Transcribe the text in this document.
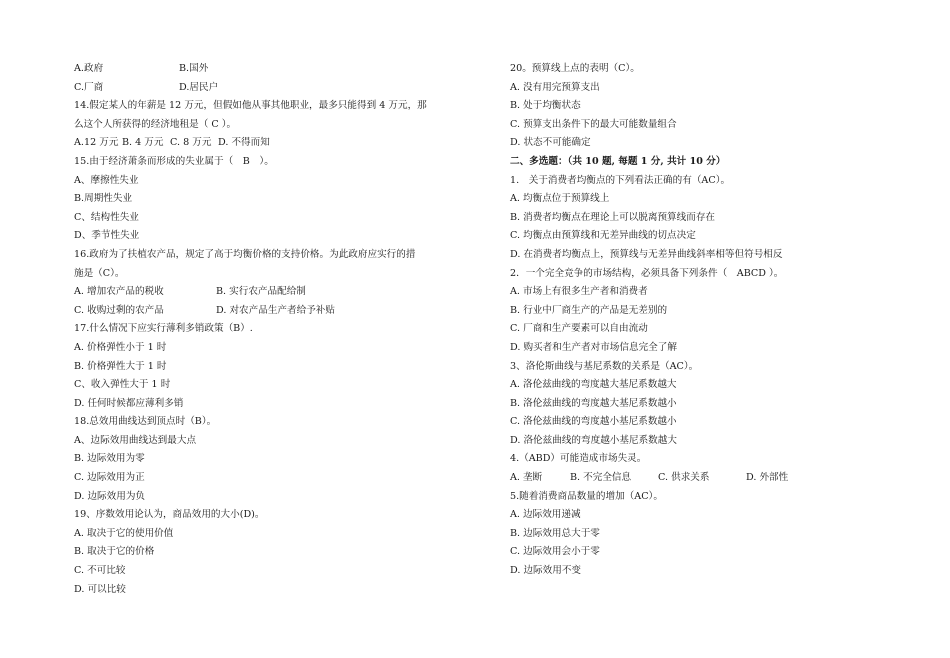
A.政府	B.国外
C.厂商	D.居民户
14.假定某人的年薪是 12 万元，但假如他从事其他职业，最多只能得到 4 万元，那
么这个人所获得的经济地租是（ C ）。
A.12 万元 B. 4 万元 C. 8 万元 D. 不得而知
15.由于经济萧条而形成的失业属于（　B　）。
A、摩擦性失业
B.周期性失业
C、结构性失业
D、季节性失业
16.政府为了扶植农产品，规定了高于均衡价格的支持价格。为此政府应实行的措
施是（C）。
A. 增加农产品的税收	B. 实行农产品配给制
C. 收购过剩的农产品	D. 对农产品生产者给予补贴
17.什么情况下应实行薄利多销政策（B）.
A. 价格弹性小于 1 时
B. 价格弹性大于 1 时
C、收入弹性大于 1 时
D. 任何时候都应薄利多销
18.总效用曲线达到顶点时（B）。
A、边际效用曲线达到最大点
B. 边际效用为零
C. 边际效用为正
D. 边际效用为负
19、序数效用论认为，商品效用的大小(D)。
A. 取决于它的使用价值
B. 取决于它的价格
C. 不可比较
D. 可以比较
20。预算线上点的表明（C）。
A. 没有用完预算支出
B. 处于均衡状态
C. 预算支出条件下的最大可能数量组合
D. 状态不可能确定
二、多选题：（共 10 题, 每题 1 分, 共计 10 分）
1.　关于消费者均衡点的下列看法正确的有（AC）。
A. 均衡点位于预算线上
B. 消费者均衡点在理论上可以脱离预算线而存在
C. 均衡点由预算线和无差异曲线的切点决定
D. 在消费者均衡点上，预算线与无差异曲线斜率相等但符号相反
2．一个完全竞争的市场结构，必须具备下列条件（　ABCD ）。
A. 市场上有很多生产者和消费者
B. 行业中厂商生产的产品是无差别的
C. 厂商和生产要素可以自由流动
D. 购买者和生产者对市场信息完全了解
3、洛伦斯曲线与基尼系数的关系是（AC）。
A. 洛伦兹曲线的弯度越大基尼系数越大
B. 洛伦兹曲线的弯度越大基尼系数越小
C. 洛伦兹曲线的弯度越小基尼系数越小
D. 洛伦兹曲线的弯度越小基尼系数越大
4.（ABD）可能造成市场失灵。
A. 垄断	B. 不完全信息	C. 供求关系	D. 外部性
5.随着消费商品数量的增加（AC）。
A. 边际效用递减
B. 边际效用总大于零
C. 边际效用会小于零
D. 边际效用不变
